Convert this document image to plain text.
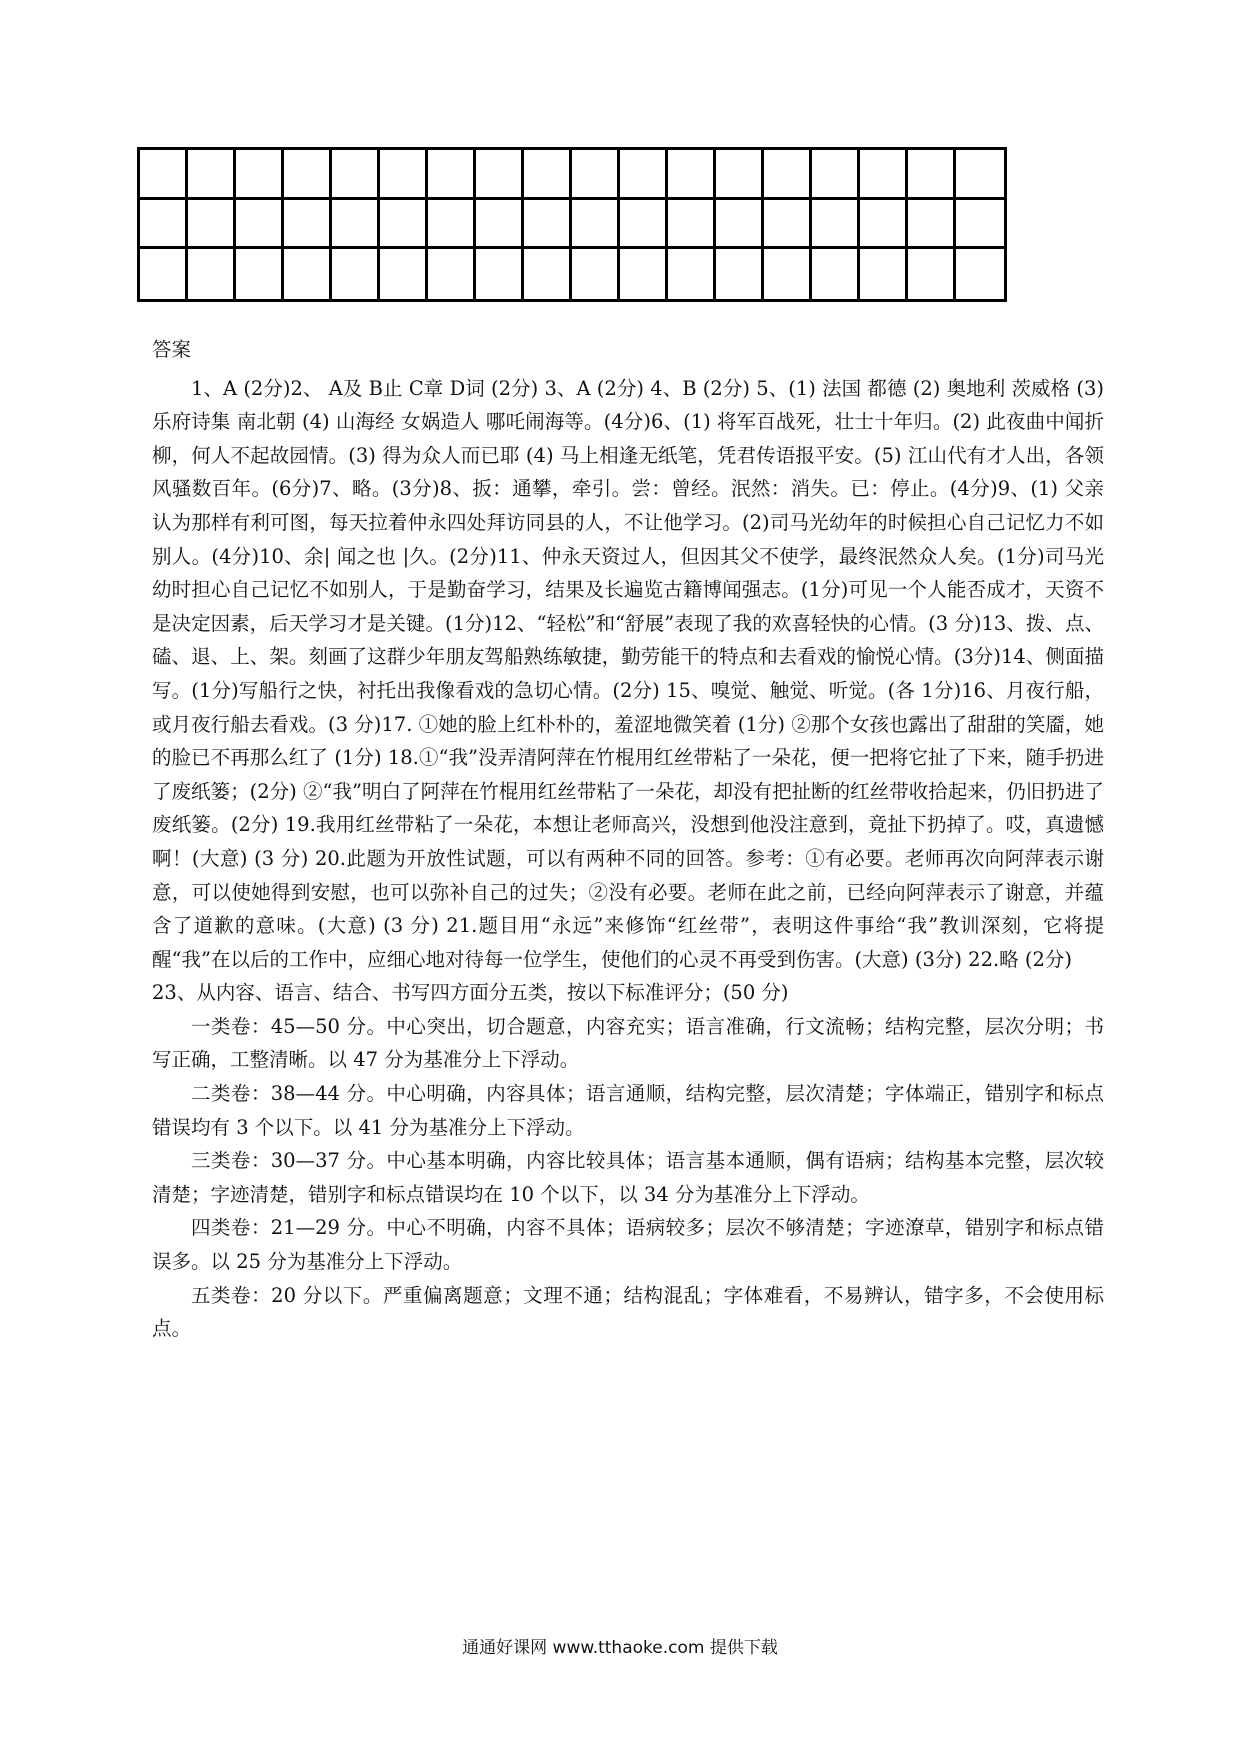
答案

1、A (2分)2、 A及 B止 C章 D词 (2分) 3、A (2分) 4、B (2分) 5、(1) 法国 都德 (2) 奥地利 茨威格 (3) 乐府诗集 南北朝 (4) 山海经 女娲造人 哪吒闹海等。(4分)6、(1) 将军百战死，壮士十年归。(2) 此夜曲中闻折柳，何人不起故园情。(3) 得为众人而已耶 (4) 马上相逢无纸笔，凭君传语报平安。(5) 江山代有才人出，各领风骚数百年。(6分)7、略。(3分)8、扳：通攀，牵引。尝：曾经。泯然：消失。已：停止。(4分)9、(1) 父亲认为那样有利可图，每天拉着仲永四处拜访同县的人，不让他学习。(2)司马光幼年的时候担心自己记忆力不如别人。(4分)10、余| 闻之也 |久。(2分)11、仲永天资过人，但因其父不使学，最终泯然众人矣。(1分)司马光幼时担心自己记忆不如别人，于是勤奋学习，结果及长遍览古籍博闻强志。(1分)可见一个人能否成才，天资不是决定因素，后天学习才是关键。(1分)12、“轻松”和“舒展”表现了我的欢喜轻快的心情。(3 分)13、拨、点、磕、退、上、架。刻画了这群少年朋友驾船熟练敏捷，勤劳能干的特点和去看戏的愉悦心情。(3分)14、侧面描写。(1分)写船行之快，衬托出我像看戏的急切心情。(2分) 15、嗅觉、触觉、听觉。(各 1分)16、月夜行船，或月夜行船去看戏。(3 分)17. ①她的脸上红朴朴的，羞涩地微笑着 (1分) ②那个女孩也露出了甜甜的笑靥，她的脸已不再那么红了 (1分) 18.①“我”没弄清阿萍在竹棍用红丝带粘了一朵花，便一把将它扯了下来，随手扔进了废纸篓；(2分) ②“我”明白了阿萍在竹棍用红丝带粘了一朵花，却没有把扯断的红丝带收拾起来，仍旧扔进了废纸篓。(2分) 19.我用红丝带粘了一朵花，本想让老师高兴，没想到他没注意到，竟扯下扔掉了。哎，真遗憾啊！(大意) (3 分) 20.此题为开放性试题，可以有两种不同的回答。参考：①有必要。老师再次向阿萍表示谢意，可以使她得到安慰，也可以弥补自己的过失；②没有必要。老师在此之前，已经向阿萍表示了谢意，并蕴含了道歉的意味。(大意) (3 分) 21.题目用“永远”来修饰“红丝带”，表明这件事给“我”教训深刻，它将提醒“我”在以后的工作中，应细心地对待每一位学生，使他们的心灵不再受到伤害。(大意) (3分) 22.略 (2分)

23、从内容、语言、结合、书写四方面分五类，按以下标准评分；(50 分)

一类卷：45—50 分。中心突出，切合题意，内容充实；语言准确，行文流畅；结构完整，层次分明；书写正确，工整清晰。以 47 分为基准分上下浮动。

二类卷：38—44 分。中心明确，内容具体；语言通顺，结构完整，层次清楚；字体端正，错别字和标点错误均有 3 个以下。以 41 分为基准分上下浮动。

三类卷：30—37 分。中心基本明确，内容比较具体；语言基本通顺，偶有语病；结构基本完整，层次较清楚；字迹清楚，错别字和标点错误均在 10 个以下，以 34 分为基准分上下浮动。

四类卷：21—29 分。中心不明确，内容不具体；语病较多；层次不够清楚；字迹潦草，错别字和标点错误多。以 25 分为基准分上下浮动。

五类卷：20 分以下。严重偏离题意；文理不通；结构混乱；字体难看，不易辨认，错字多，不会使用标点。

通通好课网 www.tthaoke.com 提供下载
